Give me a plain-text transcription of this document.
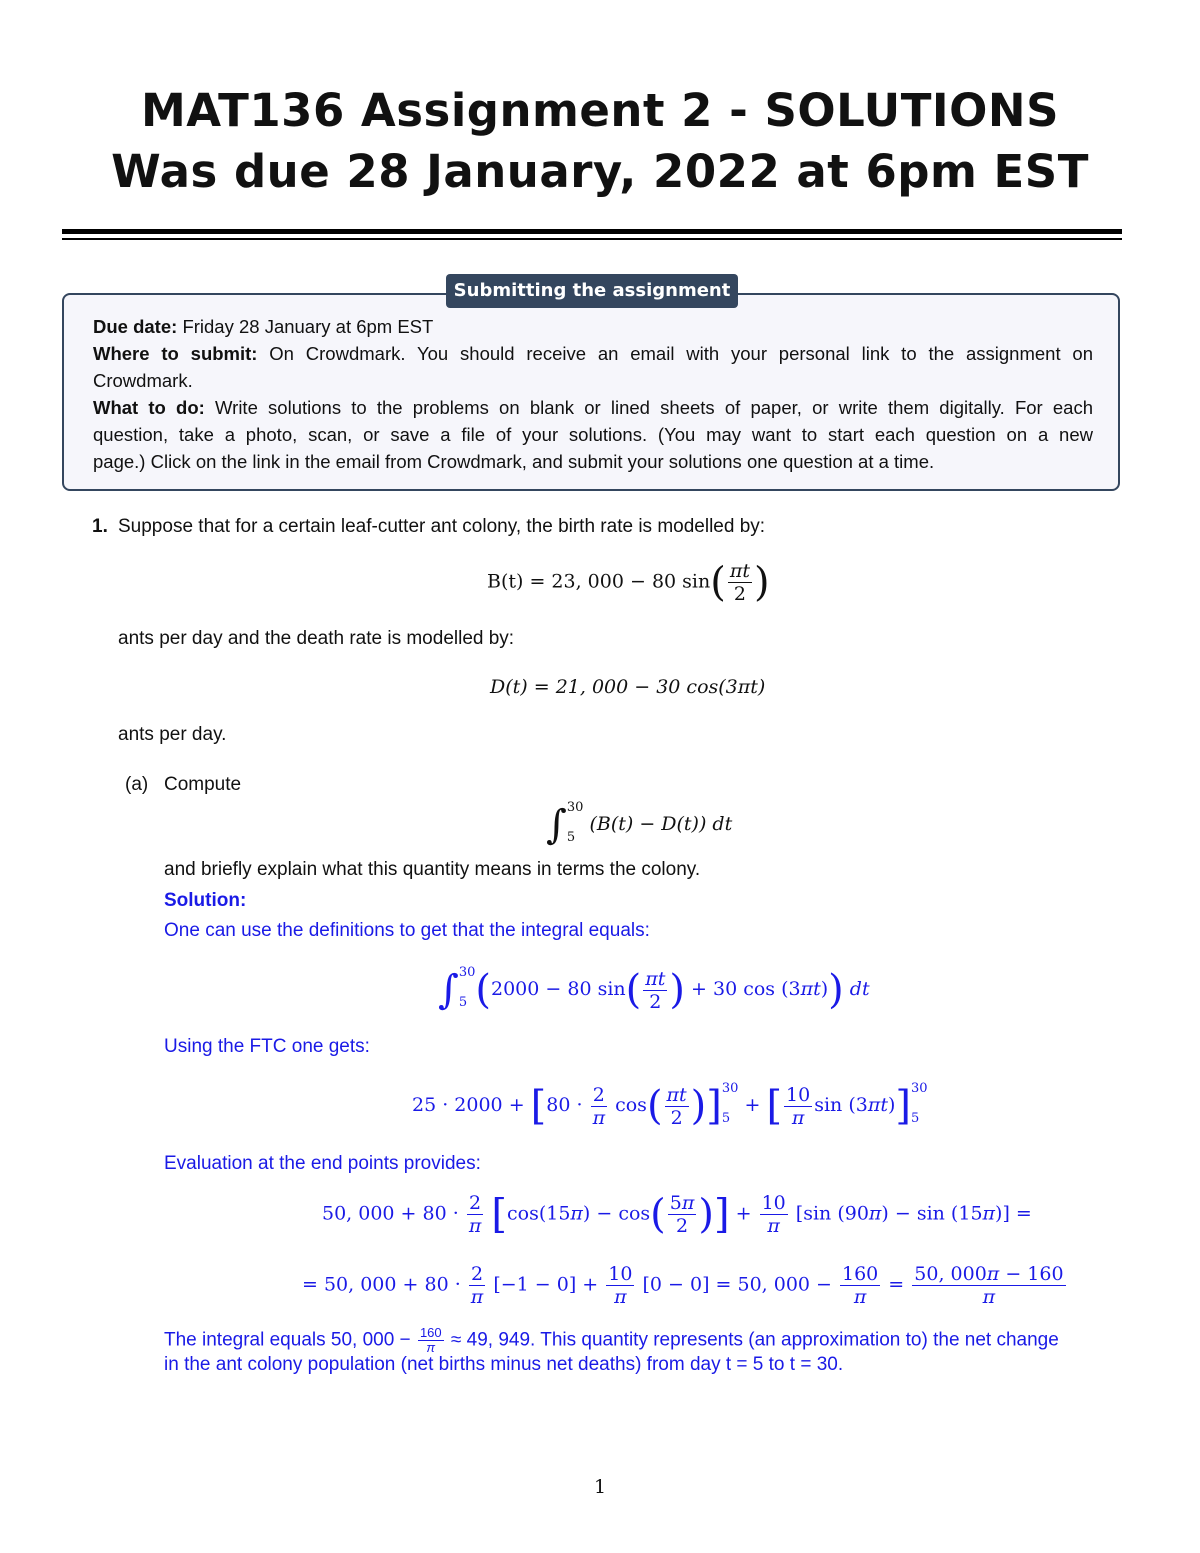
MAT136 Assignment 2 - SOLUTIONS
Was due 28 January, 2022 at 6pm EST
Submitting the assignment
Due date: Friday 28 January at 6pm EST
Where to submit: On Crowdmark. You should receive an email with your personal link to the assignment on
Crowdmark.
What to do: Write solutions to the problems on blank or lined sheets of paper, or write them digitally. For each
question, take a photo, scan, or save a file of your solutions. (You may want to start each question on a new
page.) Click on the link in the email from Crowdmark, and submit your solutions one question at a time.
1. Suppose that for a certain leaf-cutter ant colony, the birth rate is modelled by:
B(t) = 23, 000 − 80 $\sin( \frac{\pi t}{2}$ )
ants per day and the death rate is modelled by:
D(t) = 21, 000 − 30 cos(3πt)
ants per day.
(a) Compute
∫ 30
5
(B(t) − D(t)) dt
and briefly explain what this quantity means in terms the colony.
Solution:
One can use the definitions to get that the integral equals:
∫ 30
5 (2000 − 80 $\sin( \frac{\pi t}{2}$ ) + 30 cos (3πt)) dt
Using the FTC one gets:
$25 \cdot 2000 + [80 \cdot \frac{2}{\pi} \cos( \frac{\pi t}{2}$ )] 30
5
+ [ $\frac{10}{\pi}$ sin (3πt)] 30
5
Evaluation at the end points provides:
50, $000 + 80 \cdot \frac{2}{\pi} [\cos(15\pi) - \cos( \frac{5\pi}{2}$ )] + $\frac{10}{\pi} [\sin$ (90π) − sin (15π)] =
= 50, $000 + 80 \cdot \frac{2}{\pi} [-1 - 0] + \frac{10}{\pi} [0 - 0] = 50$, $000 - \frac{160}{\pi} = \frac{50, 000\pi - 160}{\pi}$
The integral equals 50, $000 - \frac{160}{\pi} \approx 49$, 949. This quantity represents (an approximation to) the net change
in the ant colony population (net births minus net deaths) from day t = 5 to t = 30.
1
